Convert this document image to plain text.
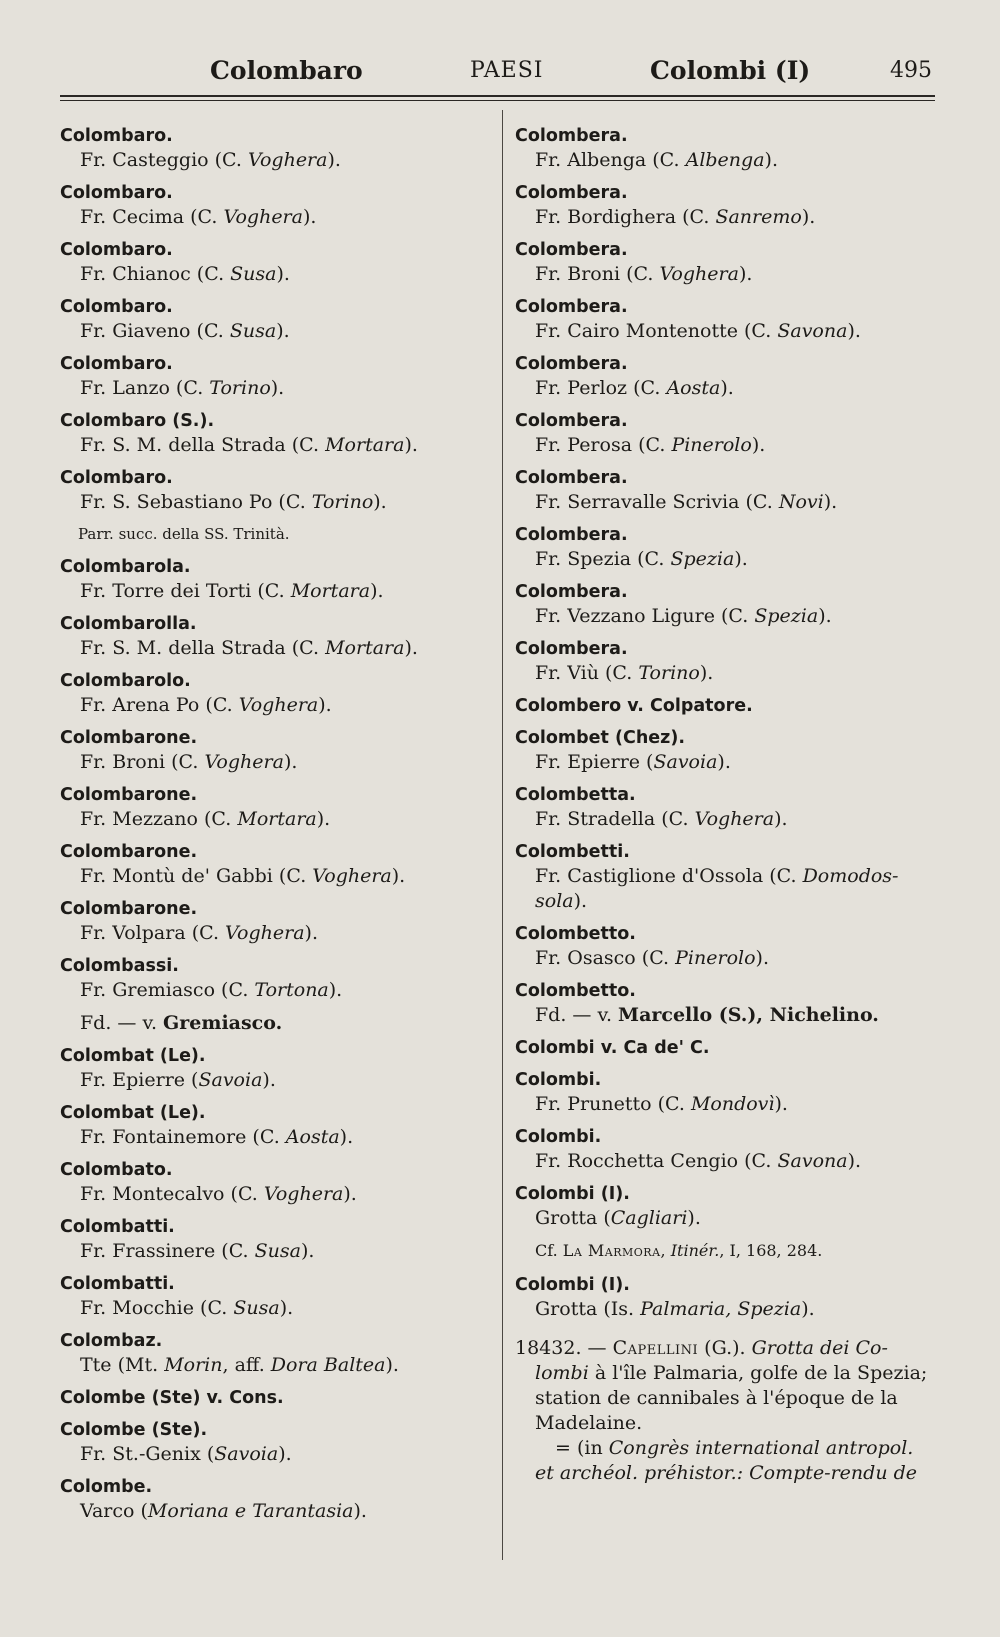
Colombaro	PAESI	Colombi (I)	495
Colombaro.
Fr. Casteggio (C. Voghera).
Colombaro.
Fr. Cecima (C. Voghera).
Colombaro.
Fr. Chianoc (C. Susa).
Colombaro.
Fr. Giaveno (C. Susa).
Colombaro.
Fr. Lanzo (C. Torino).
Colombaro (S.).
Fr. S. M. della Strada (C. Mortara).
Colombaro.
Fr. S. Sebastiano Po (C. Torino).
Parr. succ. della SS. Trinità.
Colombarola.
Fr. Torre dei Torti (C. Mortara).
Colombarolla.
Fr. S. M. della Strada (C. Mortara).
Colombarolo.
Fr. Arena Po (C. Voghera).
Colombarone.
Fr. Broni (C. Voghera).
Colombarone.
Fr. Mezzano (C. Mortara).
Colombarone.
Fr. Montù de' Gabbi (C. Voghera).
Colombarone.
Fr. Volpara (C. Voghera).
Colombassi.
Fr. Gremiasco (C. Tortona).
Fd. — v. Gremiasco.
Colombat (Le).
Fr. Epierre (Savoia).
Colombat (Le).
Fr. Fontainemore (C. Aosta).
Colombato.
Fr. Montecalvo (C. Voghera).
Colombatti.
Fr. Frassinere (C. Susa).
Colombatti.
Fr. Mocchie (C. Susa).
Colombaz.
Tte (Mt. Morin, aff. Dora Baltea).
Colombe (Ste) v. Cons.
Colombe (Ste).
Fr. St.-Genix (Savoia).
Colombe.
Varco (Moriana e Tarantasia).
Colombera.
Fr. Albenga (C. Albenga).
Colombera.
Fr. Bordighera (C. Sanremo).
Colombera.
Fr. Broni (C. Voghera).
Colombera.
Fr. Cairo Montenotte (C. Savona).
Colombera.
Fr. Perloz (C. Aosta).
Colombera.
Fr. Perosa (C. Pinerolo).
Colombera.
Fr. Serravalle Scrivia (C. Novi).
Colombera.
Fr. Spezia (C. Spezia).
Colombera.
Fr. Vezzano Ligure (C. Spezia).
Colombera.
Fr. Viù (C. Torino).
Colombero v. Colpatore.
Colombet (Chez).
Fr. Epierre (Savoia).
Colombetta.
Fr. Stradella (C. Voghera).
Colombetti.
Fr. Castiglione d'Ossola (C. Domodos-
sola).
Colombetto.
Fr. Osasco (C. Pinerolo).
Colombetto.
Fd. — v. Marcello (S.), Nichelino.
Colombi v. Ca de' C.
Colombi.
Fr. Prunetto (C. Mondovì).
Colombi.
Fr. Rocchetta Cengio (C. Savona).
Colombi (I).
Grotta (Cagliari).
Cf. La Marmora, Itinér., I, 168, 284.
Colombi (I).
Grotta (Is. Palmaria, Spezia).
18432. — Capellini (G.). Grotta dei Co-
lombi à l'île Palmaria, golfe de la Spezia;
station de cannibales à l'époque de la
Madelaine.
= (in Congrès international antropol.
et archéol. préhistor.: Compte-rendu de
